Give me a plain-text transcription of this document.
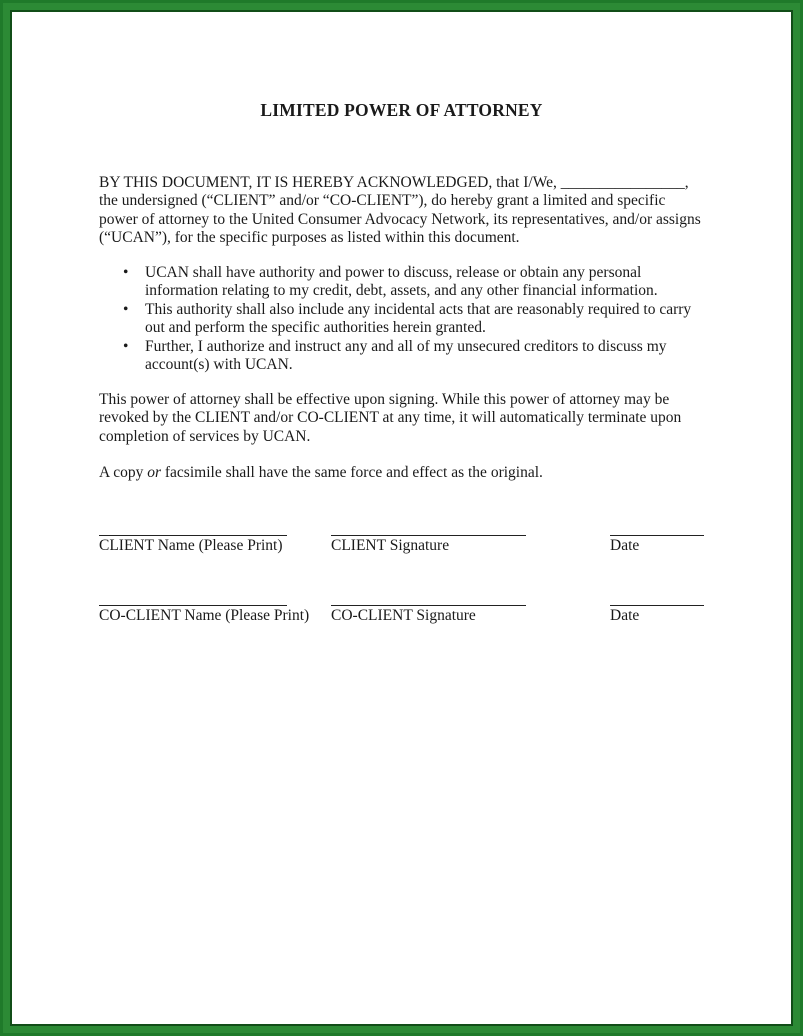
LIMITED POWER OF ATTORNEY

BY THIS DOCUMENT, IT IS HEREBY ACKNOWLEDGED, that I/We, ________________,
the undersigned (“CLIENT” and/or “CO-CLIENT”), do hereby grant a limited and specific
power of attorney to the United Consumer Advocacy Network, its representatives, and/or assigns
(“UCAN”), for the specific purposes as listed within this document.

• UCAN shall have authority and power to discuss, release or obtain any personal
information relating to my credit, debt, assets, and any other financial information.
• This authority shall also include any incidental acts that are reasonably required to carry
out and perform the specific authorities herein granted.
• Further, I authorize and instruct any and all of my unsecured creditors to discuss my
account(s) with UCAN.

This power of attorney shall be effective upon signing. While this power of attorney may be
revoked by the CLIENT and/or CO-CLIENT at any time, it will automatically terminate upon
completion of services by UCAN.

A copy or facsimile shall have the same force and effect as the original.

CLIENT Name (Please Print)	CLIENT Signature	Date
CO-CLIENT Name (Please Print) CO-CLIENT Signature	Date
